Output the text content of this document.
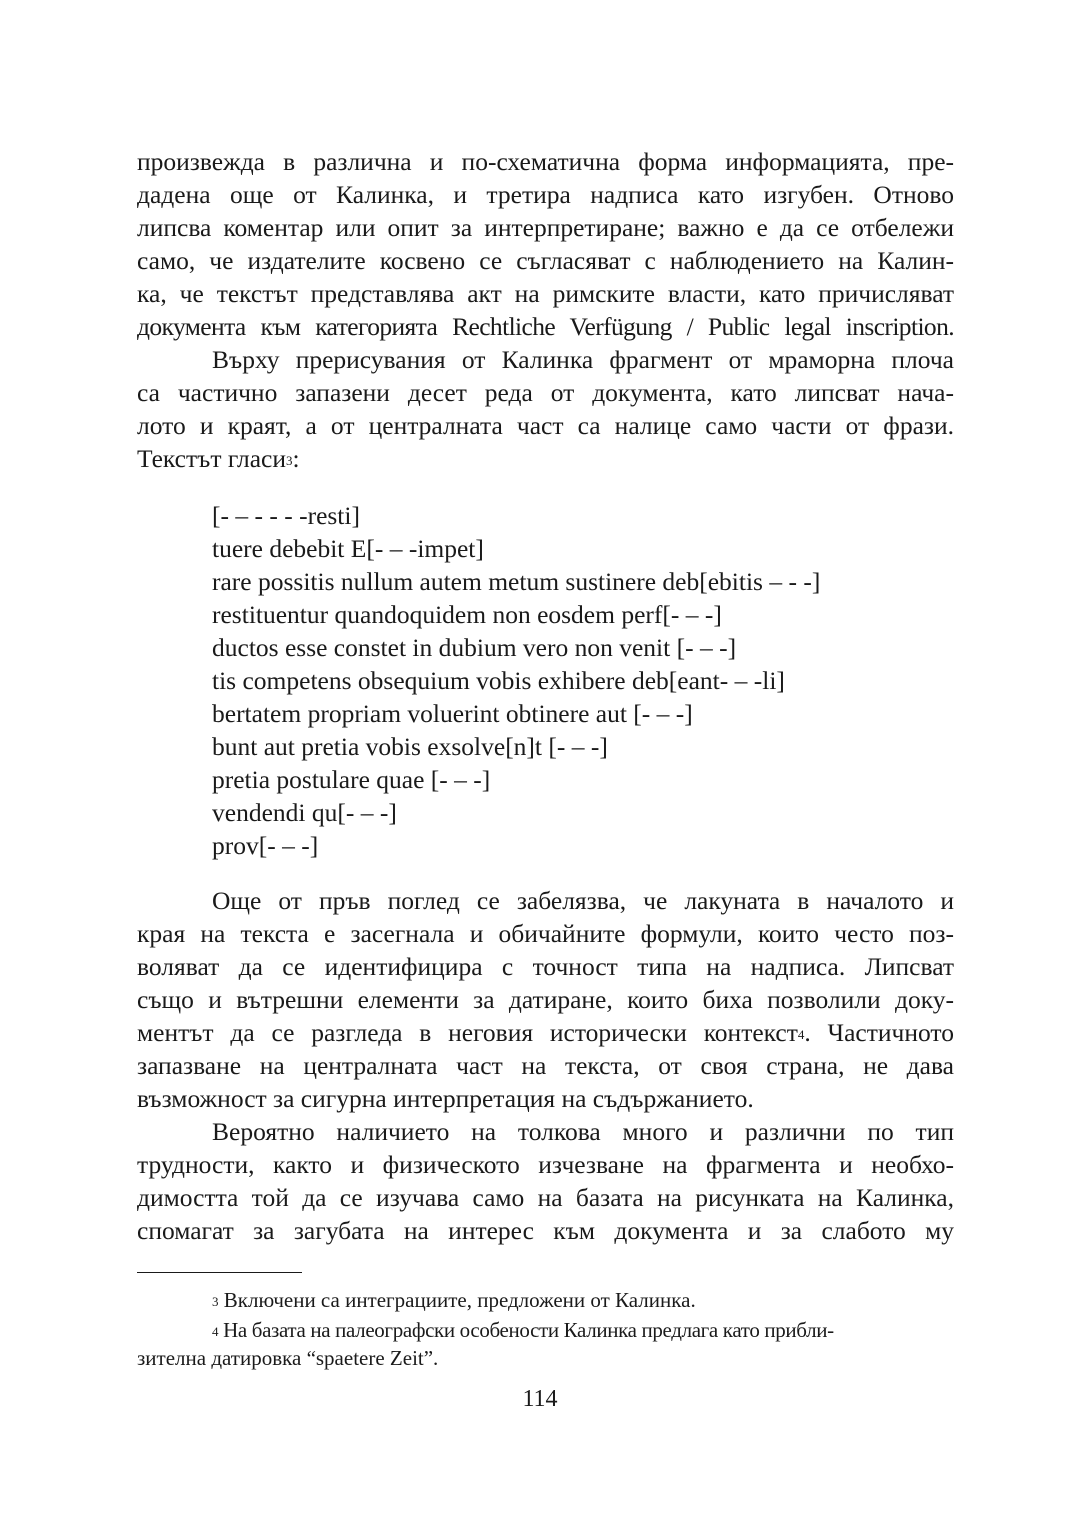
произвежда в различна и по-схематична форма информацията, пре-
дадена още от Калинка, и третира надписа като изгубен. Отново
липсва коментар или опит за интерпретиране; важно е да се отбележи
само, че издателите косвено се съгласяват с наблюдението на Калин-
ка, че текстът представлява акт на римските власти, като причисляват
документа към категорията Rechtliche Verfügung / Public legal inscription.
Върху прерисувания от Калинка фрагмент от мраморна плоча
са частично запазени десет реда от документа, като липсват нача-
лото и краят, а от централната част са налице само части от фрази.
Текстът гласи$^3$:
[- – - - - -resti]
tuere debebit E[- – -impet]
rare possitis nullum autem metum sustinere deb[ebitis – - -]
restituentur quandoquidem non eosdem perf[- – -]
ductos esse constet in dubium vero non venit [- – -]
tis competens obsequium vobis exhibere deb[eant- – -li]
bertatem propriam voluerint obtinere aut [- – -]
bunt aut pretia vobis exsolve[n]t [- – -]
pretia postulare quae [- – -]
vendendi qu[- – -]
prov[- – -]
Още от пръв поглед се забелязва, че лакуната в началото и
края на текста е засегнала и обичайните формули, които често поз-
воляват да се идентифицира с точност типа на надписа. Липсват
също и вътрешни елементи за датиране, които биха позволили доку-
ментът да се разгледа в неговия исторически контекст$^4$. Частичното
запазване на централната част на текста, от своя страна, не дава
възможност за сигурна интерпретация на съдържанието.
Вероятно наличието на толкова много и различни по тип
трудности, както и физическото изчезване на фрагмента и необхо-
димостта той да се изучава само на базата на рисунката на Калинка,
спомагат за загубата на интерес към документа и за слабото му
$^3$ Включени са интеграциите, предложени от Калинка.
$^4$ На базата на палеографски особености Калинка предлага като прибли-
зителна датировка “spaetere Zeit”.
114
